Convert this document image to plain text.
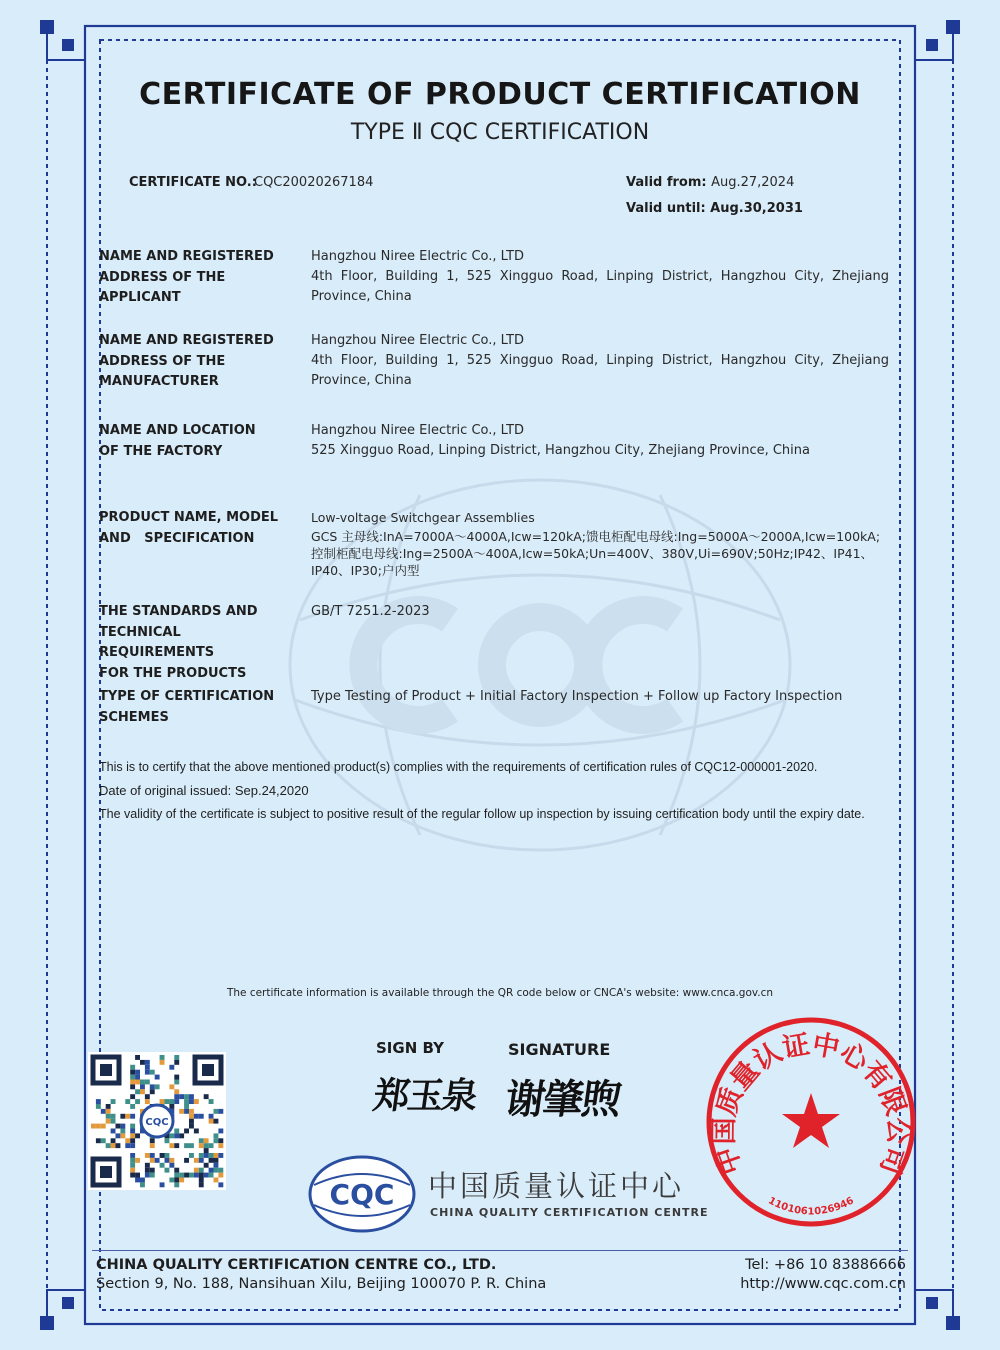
CERTIFICATE OF PRODUCT CERTIFICATION
TYPE Ⅱ CQC CERTIFICATION
CERTIFICATE NO.:
CQC20020267184	Valid from: Aug.27,2024
Valid until: Aug.30,2031
NAME AND REGISTERED
ADDRESS OF THE APPLICANT
Hangzhou Niree Electric Co., LTD
4th Floor, Building 1, 525 Xingguo Road, Linping District, Hangzhou City, Zhejiang Province, China
NAME AND REGISTERED
ADDRESS OF THE
MANUFACTURER
Hangzhou Niree Electric Co., LTD
4th Floor, Building 1, 525 Xingguo Road, Linping District, Hangzhou City, Zhejiang Province, China
NAME AND LOCATION
OF THE FACTORY
Hangzhou Niree Electric Co., LTD
525 Xingguo Road, Linping District, Hangzhou City, Zhejiang Province, China
PRODUCT NAME, MODEL
AND   SPECIFICATION
Low-voltage Switchgear Assemblies
GCS 主母线:InA=7000A～4000A,Icw=120kA;馈电柜配电母线:Ing=5000A～2000A,Icw=100kA;控制柜配电母线:Ing=2500A～400A,Icw=50kA;Un=400V、380V,Ui=690V;50Hz;IP42、IP41、IP40、IP30;户内型
THE STANDARDS AND
TECHNICAL REQUIREMENTS
FOR THE PRODUCTS
GB/T 7251.2-2023
TYPE OF CERTIFICATION
SCHEMES
Type Testing of Product + Initial Factory Inspection + Follow up Factory Inspection
This is to certify that the above mentioned product(s) complies with the requirements of certification rules of CQC12-000001-2020.
Date of original issued: Sep.24,2020
The validity of the certificate is subject to positive result of the regular follow up inspection by issuing certification body until the expiry date.
The certificate information is available through the QR code below or CNCA's website: www.cnca.gov.cn
CQC
SIGN BY	SIGNATURE
郑玉泉 谢肇煦
CQC 中国质量认证中心
CHINA QUALITY CERTIFICATION CENTRE
中国质量认证中心有限公司
1101061026946
CHINA QUALITY CERTIFICATION CENTRE CO., LTD.
Section 9, No. 188, Nansihuan Xilu, Beijing 100070 P. R. China
Tel: +86 10 83886666
http://www.cqc.com.cn
